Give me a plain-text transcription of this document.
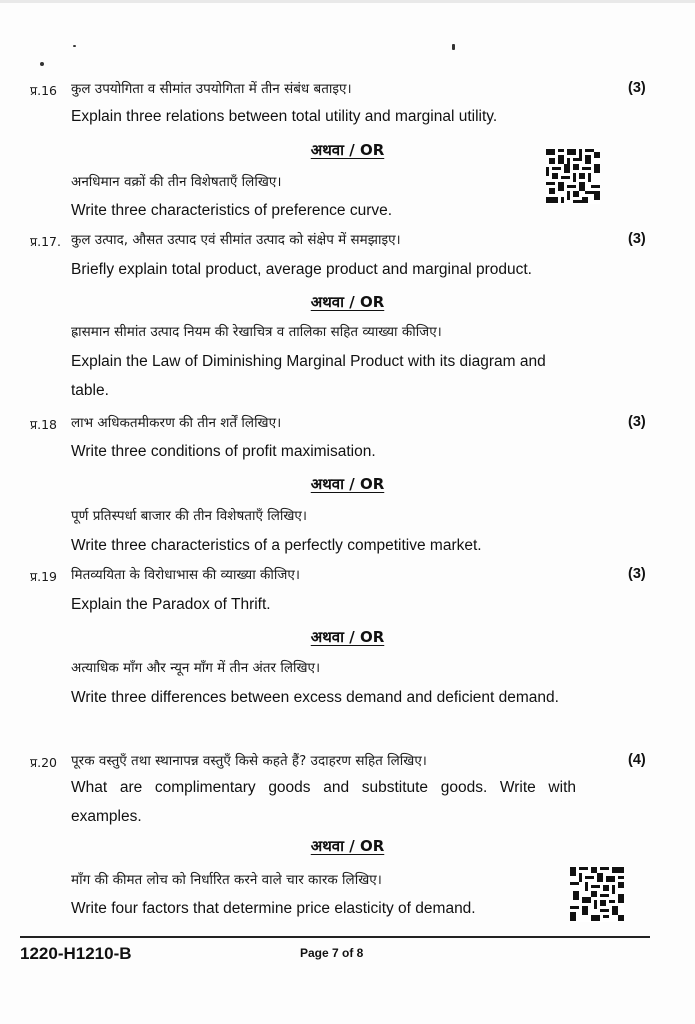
प्र.16 कुल उपयोगिता व सीमांत उपयोगिता में तीन संबंध बताइए।	(3)
Explain three relations between total utility and marginal utility.
अथवा / OR
अनधिमान वक्रों की तीन विशेषताएँ लिखिए।
Write three characteristics of preference curve.
प्र.17. कुल उत्पाद, औसत उत्पाद एवं सीमांत उत्पाद को संक्षेप में समझाइए।	(3)
Briefly explain total product, average product and marginal product.
अथवा / OR
ह्रासमान सीमांत उत्पाद नियम की रेखाचित्र व तालिका सहित व्याख्या कीजिए।
Explain the Law of Diminishing Marginal Product with its diagram and table.
प्र.18 लाभ अधिकतमीकरण की तीन शर्तें लिखिए।	(3)
Write three conditions of profit maximisation.
अथवा / OR
पूर्ण प्रतिस्पर्धा बाजार की तीन विशेषताएँ लिखिए।
Write three characteristics of a perfectly competitive market.
प्र.19 मितव्ययिता के विरोधाभास की व्याख्या कीजिए।	(3)
Explain the Paradox of Thrift.
अथवा / OR
अत्याधिक माँग और न्यून माँग में तीन अंतर लिखिए।
Write three differences between excess demand and deficient demand.
प्र.20 पूरक वस्तुएँ तथा स्थानापन्न वस्तुएँ किसे कहते हैं? उदाहरण सहित लिखिए।	(4)
What are complimentary goods and substitute goods. Write with examples.
अथवा / OR
माँग की कीमत लोच को निर्धारित करने वाले चार कारक लिखिए।
Write four factors that determine price elasticity of demand.
1220-H1210-B	Page 7 of 8
